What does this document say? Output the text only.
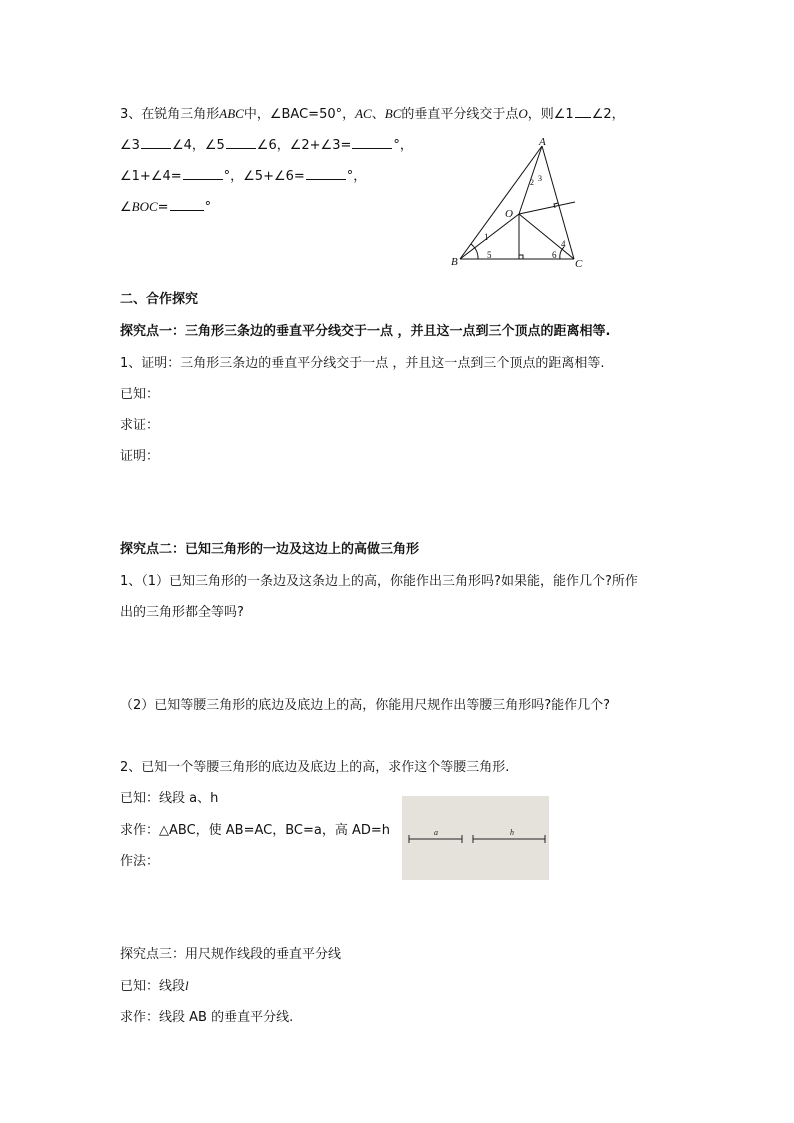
3、在锐角三角形ABC中，∠BAC=50°，AC、BC的垂直平分线交于点O，则∠1 ∠2，
∠3 ∠4，∠5 ∠6，∠2+∠3=	°，
∠1+∠4=	°，∠5+∠6=	°，
∠BOC=	°
A
B	C
O
1
2 3
4
5	6
二、合作探究
探究点一：三角形三条边的垂直平分线交于一点 ，并且这一点到三个顶点的距离相等.
1、证明：三角形三条边的垂直平分线交于一点 ，并且这一点到三个顶点的距离相等.
已知：
求证：
证明：
探究点二：已知三角形的一边及这边上的高做三角形
1、（1）已知三角形的一条边及这条边上的高，你能作出三角形吗?如果能，能作几个?所作
出的三角形都全等吗?
（2）已知等腰三角形的底边及底边上的高，你能用尺规作出等腰三角形吗?能作几个?
2、已知一个等腰三角形的底边及底边上的高，求作这个等腰三角形.
已知：线段 a、h
求作：△ABC，使 AB=AC，BC=a，高 AD=h
作法：
a	h
探究点三：用尺规作线段的垂直平分线
已知：线段l
求作：线段 AB 的垂直平分线.
